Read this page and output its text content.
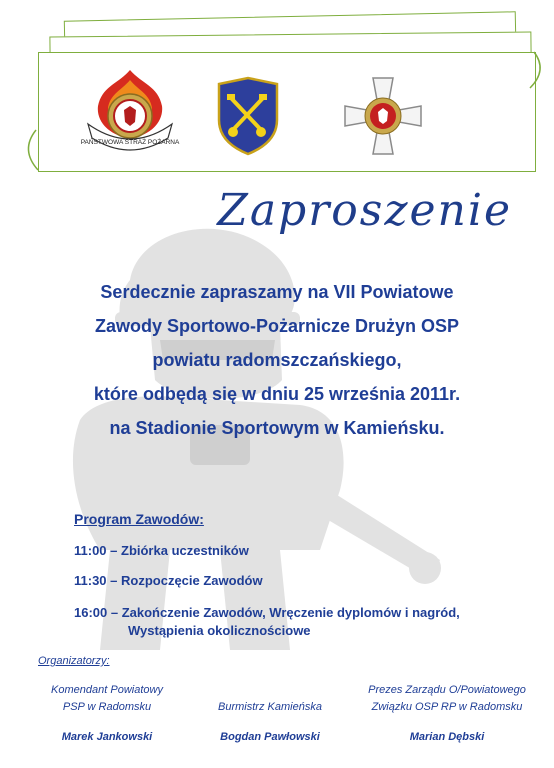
PAŃSTWOWA STRAŻ POŻARNA
Zaproszenie
Serdecznie zapraszamy na VII Powiatowe
Zawody Sportowo-Pożarnicze Drużyn OSP
powiatu radomszczańskiego,
które odbędą się w dniu 25 września 2011r.
na Stadionie Sportowym w Kamieńsku.
Program Zawodów:
11:00 – Zbiórka uczestników
11:30 – Rozpoczęcie Zawodów
16:00 – Zakończenie Zawodów, Wręczenie dyplomów i nagród,
Wystąpienia okolicznościowe
Organizatorzy:
Komendant Powiatowy
PSP w Radomsku
Marek Jankowski
Burmistrz Kamieńska
Bogdan Pawłowski
Prezes Zarządu O/Powiatowego
Związku OSP RP w Radomsku
Marian Dębski
